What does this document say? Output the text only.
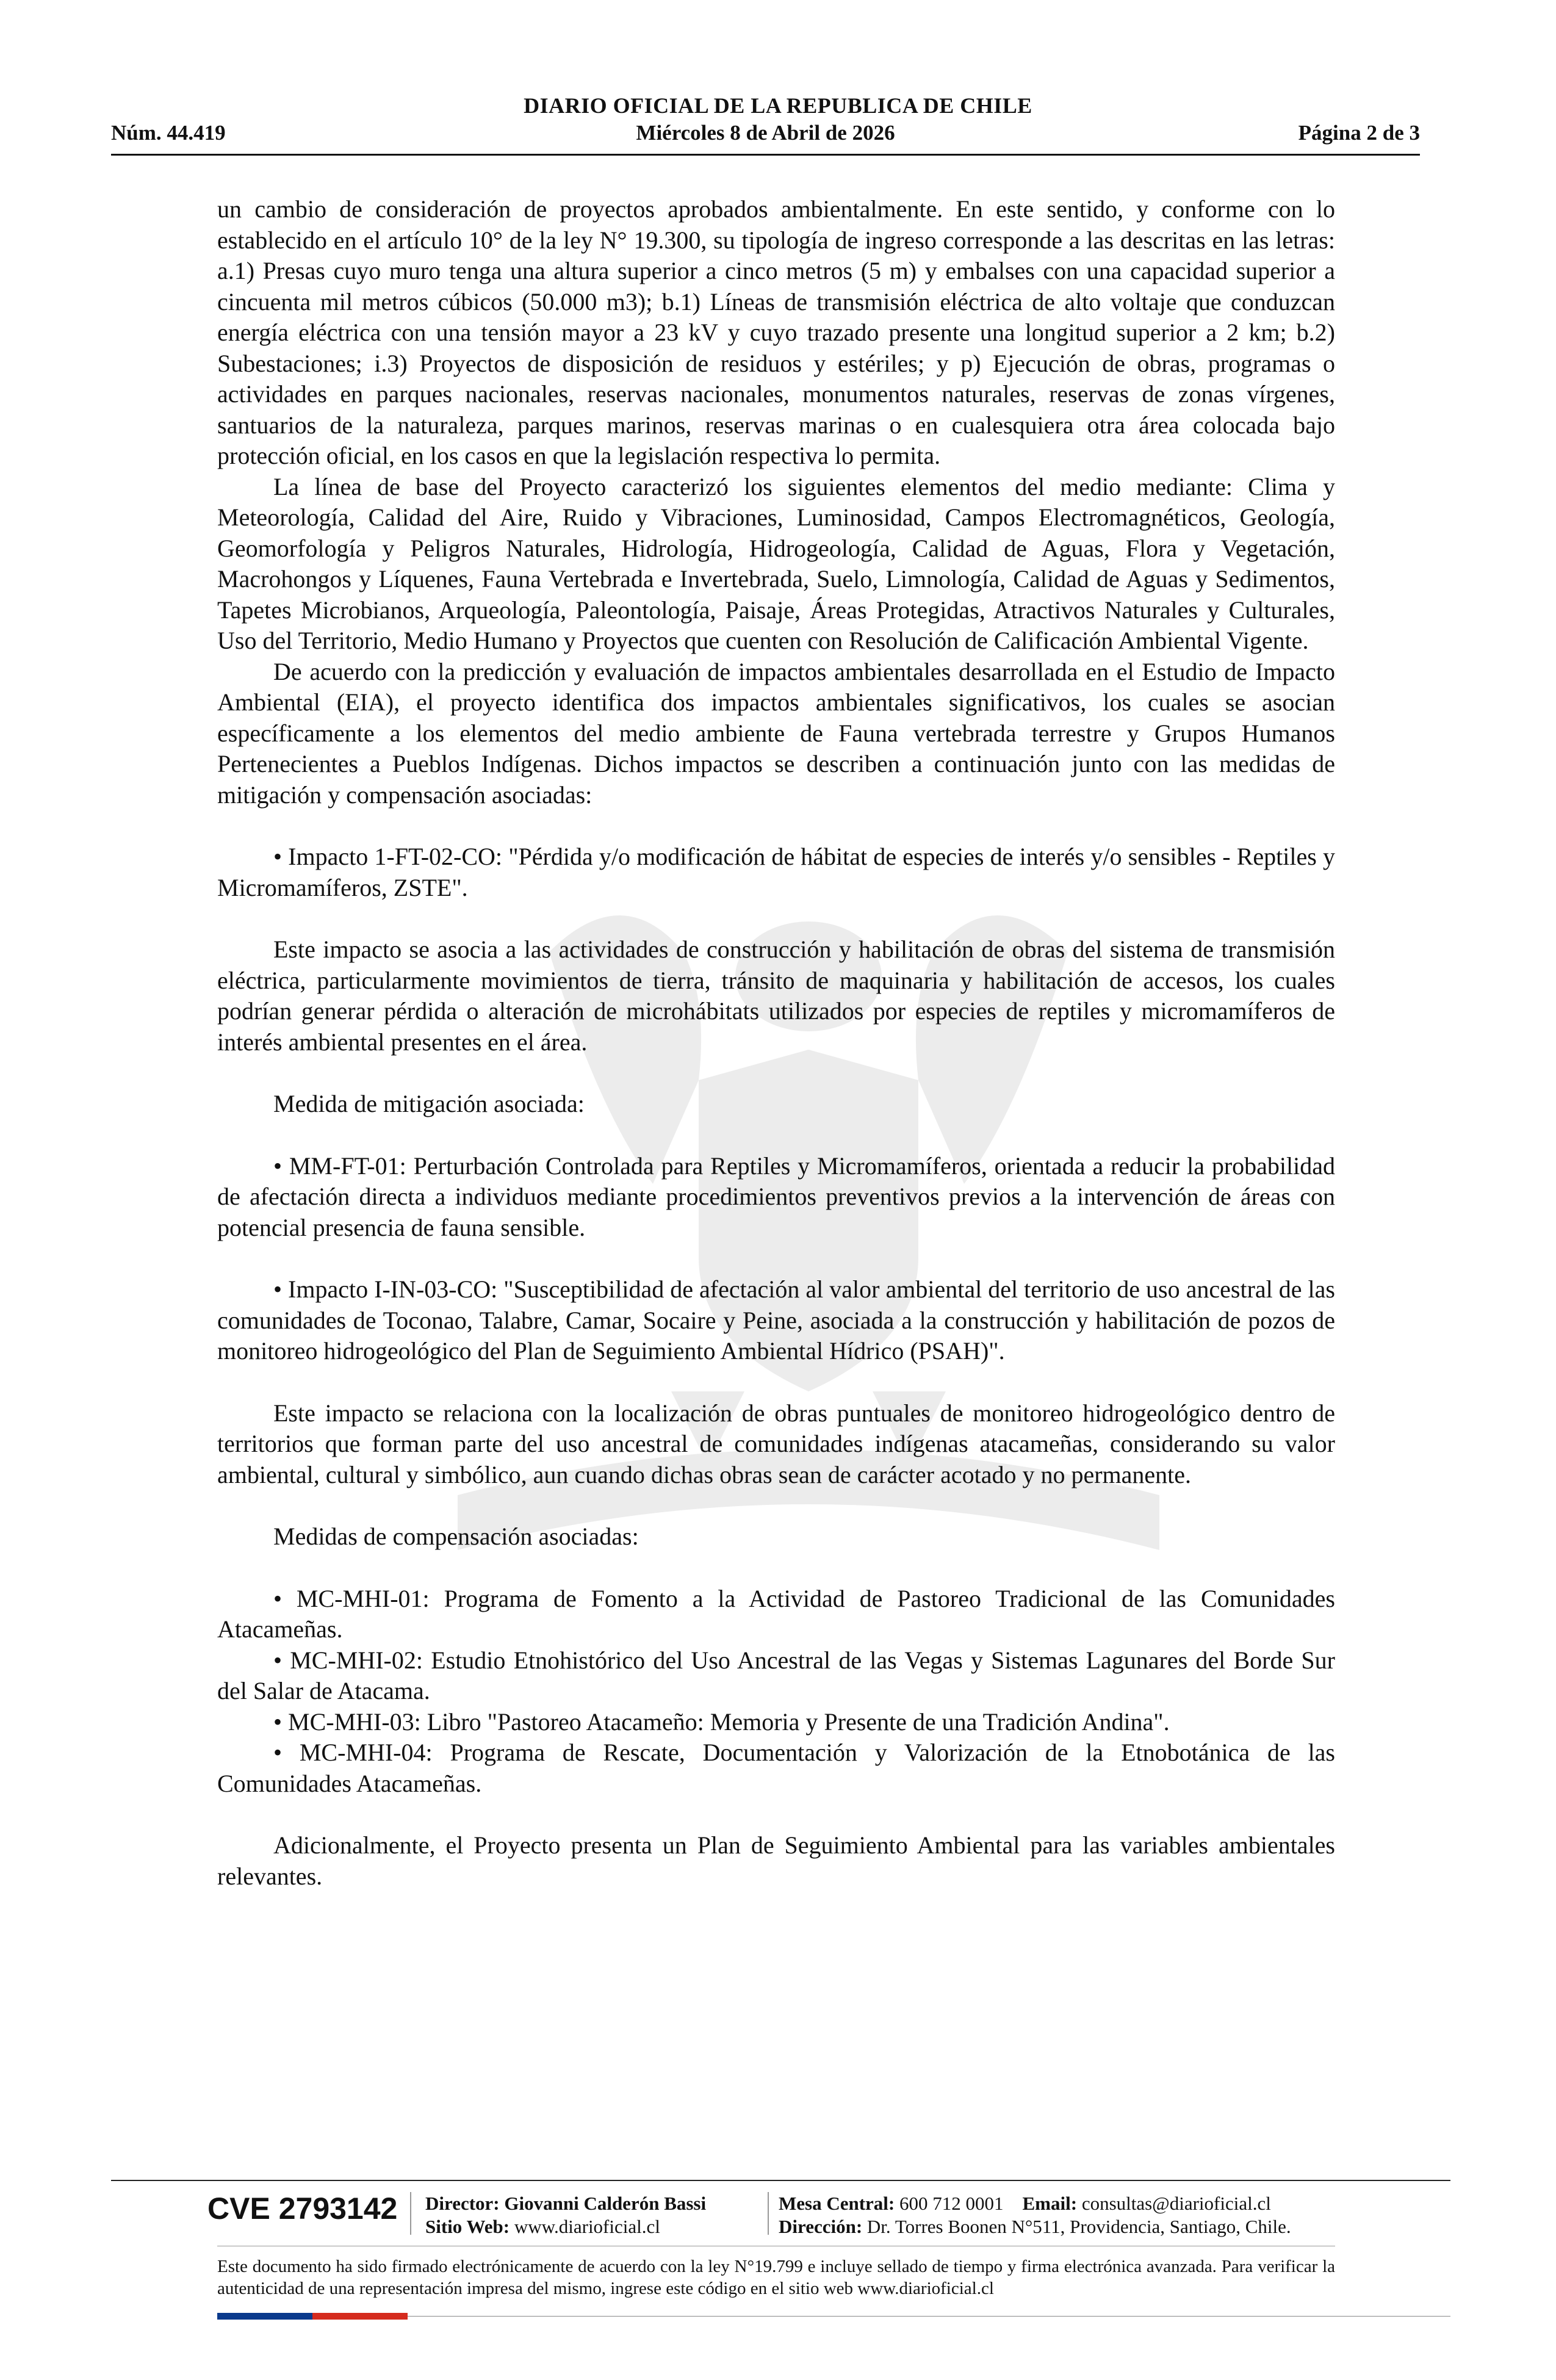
DIARIO OFICIAL DE LA REPUBLICA DE CHILE
Núm. 44.419	Miércoles 8 de Abril de 2026	Página 2 de 3

un cambio de consideración de proyectos aprobados ambientalmente. En este sentido, y conforme con lo establecido en el artículo 10° de la ley N° 19.300, su tipología de ingreso corresponde a las descritas en las letras: a.1) Presas cuyo muro tenga una altura superior a cinco metros (5 m) y embalses con una capacidad superior a cincuenta mil metros cúbicos (50.000 m3); b.1) Líneas de transmisión eléctrica de alto voltaje que conduzcan energía eléctrica con una tensión mayor a 23 kV y cuyo trazado presente una longitud superior a 2 km; b.2) Subestaciones; i.3) Proyectos de disposición de residuos y estériles; y p) Ejecución de obras, programas o actividades en parques nacionales, reservas nacionales, monumentos naturales, reservas de zonas vírgenes, santuarios de la naturaleza, parques marinos, reservas marinas o en cualesquiera otra área colocada bajo protección oficial, en los casos en que la legislación respectiva lo permita.

La línea de base del Proyecto caracterizó los siguientes elementos del medio mediante: Clima y Meteorología, Calidad del Aire, Ruido y Vibraciones, Luminosidad, Campos Electromagnéticos, Geología, Geomorfología y Peligros Naturales, Hidrología, Hidrogeología, Calidad de Aguas, Flora y Vegetación, Macrohongos y Líquenes, Fauna Vertebrada e Invertebrada, Suelo, Limnología, Calidad de Aguas y Sedimentos, Tapetes Microbianos, Arqueología, Paleontología, Paisaje, Áreas Protegidas, Atractivos Naturales y Culturales, Uso del Territorio, Medio Humano y Proyectos que cuenten con Resolución de Calificación Ambiental Vigente.

De acuerdo con la predicción y evaluación de impactos ambientales desarrollada en el Estudio de Impacto Ambiental (EIA), el proyecto identifica dos impactos ambientales significativos, los cuales se asocian específicamente a los elementos del medio ambiente de Fauna vertebrada terrestre y Grupos Humanos Pertenecientes a Pueblos Indígenas. Dichos impactos se describen a continuación junto con las medidas de mitigación y compensación asociadas:

• Impacto 1-FT-02-CO: "Pérdida y/o modificación de hábitat de especies de interés y/o sensibles - Reptiles y Micromamíferos, ZSTE".

Este impacto se asocia a las actividades de construcción y habilitación de obras del sistema de transmisión eléctrica, particularmente movimientos de tierra, tránsito de maquinaria y habilitación de accesos, los cuales podrían generar pérdida o alteración de microhábitats utilizados por especies de reptiles y micromamíferos de interés ambiental presentes en el área.

Medida de mitigación asociada:

• MM-FT-01: Perturbación Controlada para Reptiles y Micromamíferos, orientada a reducir la probabilidad de afectación directa a individuos mediante procedimientos preventivos previos a la intervención de áreas con potencial presencia de fauna sensible.

• Impacto I-IN-03-CO: "Susceptibilidad de afectación al valor ambiental del territorio de uso ancestral de las comunidades de Toconao, Talabre, Camar, Socaire y Peine, asociada a la construcción y habilitación de pozos de monitoreo hidrogeológico del Plan de Seguimiento Ambiental Hídrico (PSAH)".

Este impacto se relaciona con la localización de obras puntuales de monitoreo hidrogeológico dentro de territorios que forman parte del uso ancestral de comunidades indígenas atacameñas, considerando su valor ambiental, cultural y simbólico, aun cuando dichas obras sean de carácter acotado y no permanente.

Medidas de compensación asociadas:

• MC-MHI-01: Programa de Fomento a la Actividad de Pastoreo Tradicional de las Comunidades Atacameñas.

• MC-MHI-02: Estudio Etnohistórico del Uso Ancestral de las Vegas y Sistemas Lagunares del Borde Sur del Salar de Atacama.

• MC-MHI-03: Libro "Pastoreo Atacameño: Memoria y Presente de una Tradición Andina".

• MC-MHI-04: Programa de Rescate, Documentación y Valorización de la Etnobotánica de las Comunidades Atacameñas.

Adicionalmente, el Proyecto presenta un Plan de Seguimiento Ambiental para las variables ambientales relevantes.

CVE 2793142 Director: Giovanni Calderón Bassi
Sitio Web: www.diarioficial.cl
Mesa Central: 600 712 0001 Email: consultas@diarioficial.cl
Dirección: Dr. Torres Boonen N°511, Providencia, Santiago, Chile.
Este documento ha sido firmado electrónicamente de acuerdo con la ley N°19.799 e incluye sellado de tiempo y firma electrónica avanzada. Para verificar la autenticidad de una representación impresa del mismo, ingrese este código en el sitio web www.diarioficial.cl
